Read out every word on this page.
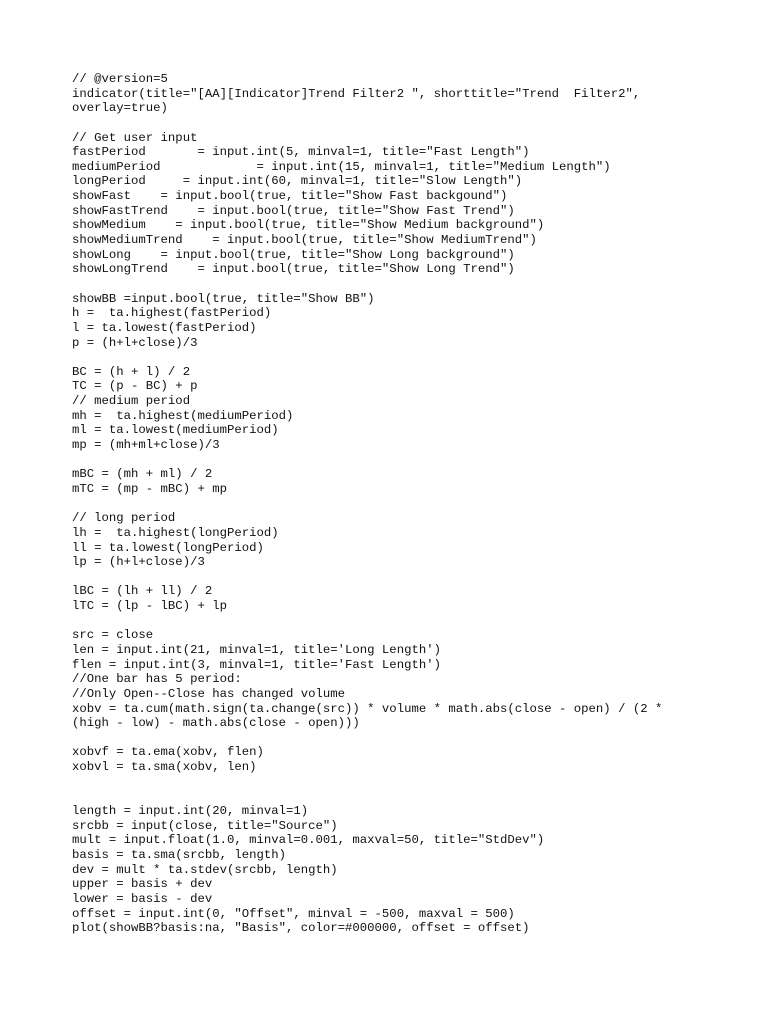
// @version=5
indicator(title="[AA][Indicator]Trend Filter2 ", shorttitle="Trend  Filter2",
overlay=true)
// Get user input
fastPeriod       = input.int(5, minval=1, title="Fast Length")
mediumPeriod             = input.int(15, minval=1, title="Medium Length")
longPeriod     = input.int(60, minval=1, title="Slow Length")
showFast    = input.bool(true, title="Show Fast backgound")
showFastTrend    = input.bool(true, title="Show Fast Trend")
showMedium    = input.bool(true, title="Show Medium background")
showMediumTrend    = input.bool(true, title="Show MediumTrend")
showLong    = input.bool(true, title="Show Long background")
showLongTrend    = input.bool(true, title="Show Long Trend")
showBB =input.bool(true, title="Show BB")
h =  ta.highest(fastPeriod)
l = ta.lowest(fastPeriod)
p = (h+l+close)/3
BC = (h + l) / 2
TC = (p - BC) + p
// medium period
mh =  ta.highest(mediumPeriod)
ml = ta.lowest(mediumPeriod)
mp = (mh+ml+close)/3
mBC = (mh + ml) / 2
mTC = (mp - mBC) + mp
// long period
lh =  ta.highest(longPeriod)
ll = ta.lowest(longPeriod)
lp = (h+l+close)/3
lBC = (lh + ll) / 2
lTC = (lp - lBC) + lp
src = close
len = input.int(21, minval=1, title='Long Length')
flen = input.int(3, minval=1, title='Fast Length')
//One bar has 5 period:
//Only Open--Close has changed volume
xobv = ta.cum(math.sign(ta.change(src)) * volume * math.abs(close - open) / (2 *
(high - low) - math.abs(close - open)))
xobvf = ta.ema(xobv, flen)
xobvl = ta.sma(xobv, len)
length = input.int(20, minval=1)
srcbb = input(close, title="Source")
mult = input.float(1.0, minval=0.001, maxval=50, title="StdDev")
basis = ta.sma(srcbb, length)
dev = mult * ta.stdev(srcbb, length)
upper = basis + dev
lower = basis - dev
offset = input.int(0, "Offset", minval = -500, maxval = 500)
plot(showBB?basis:na, "Basis", color=#000000, offset = offset)
